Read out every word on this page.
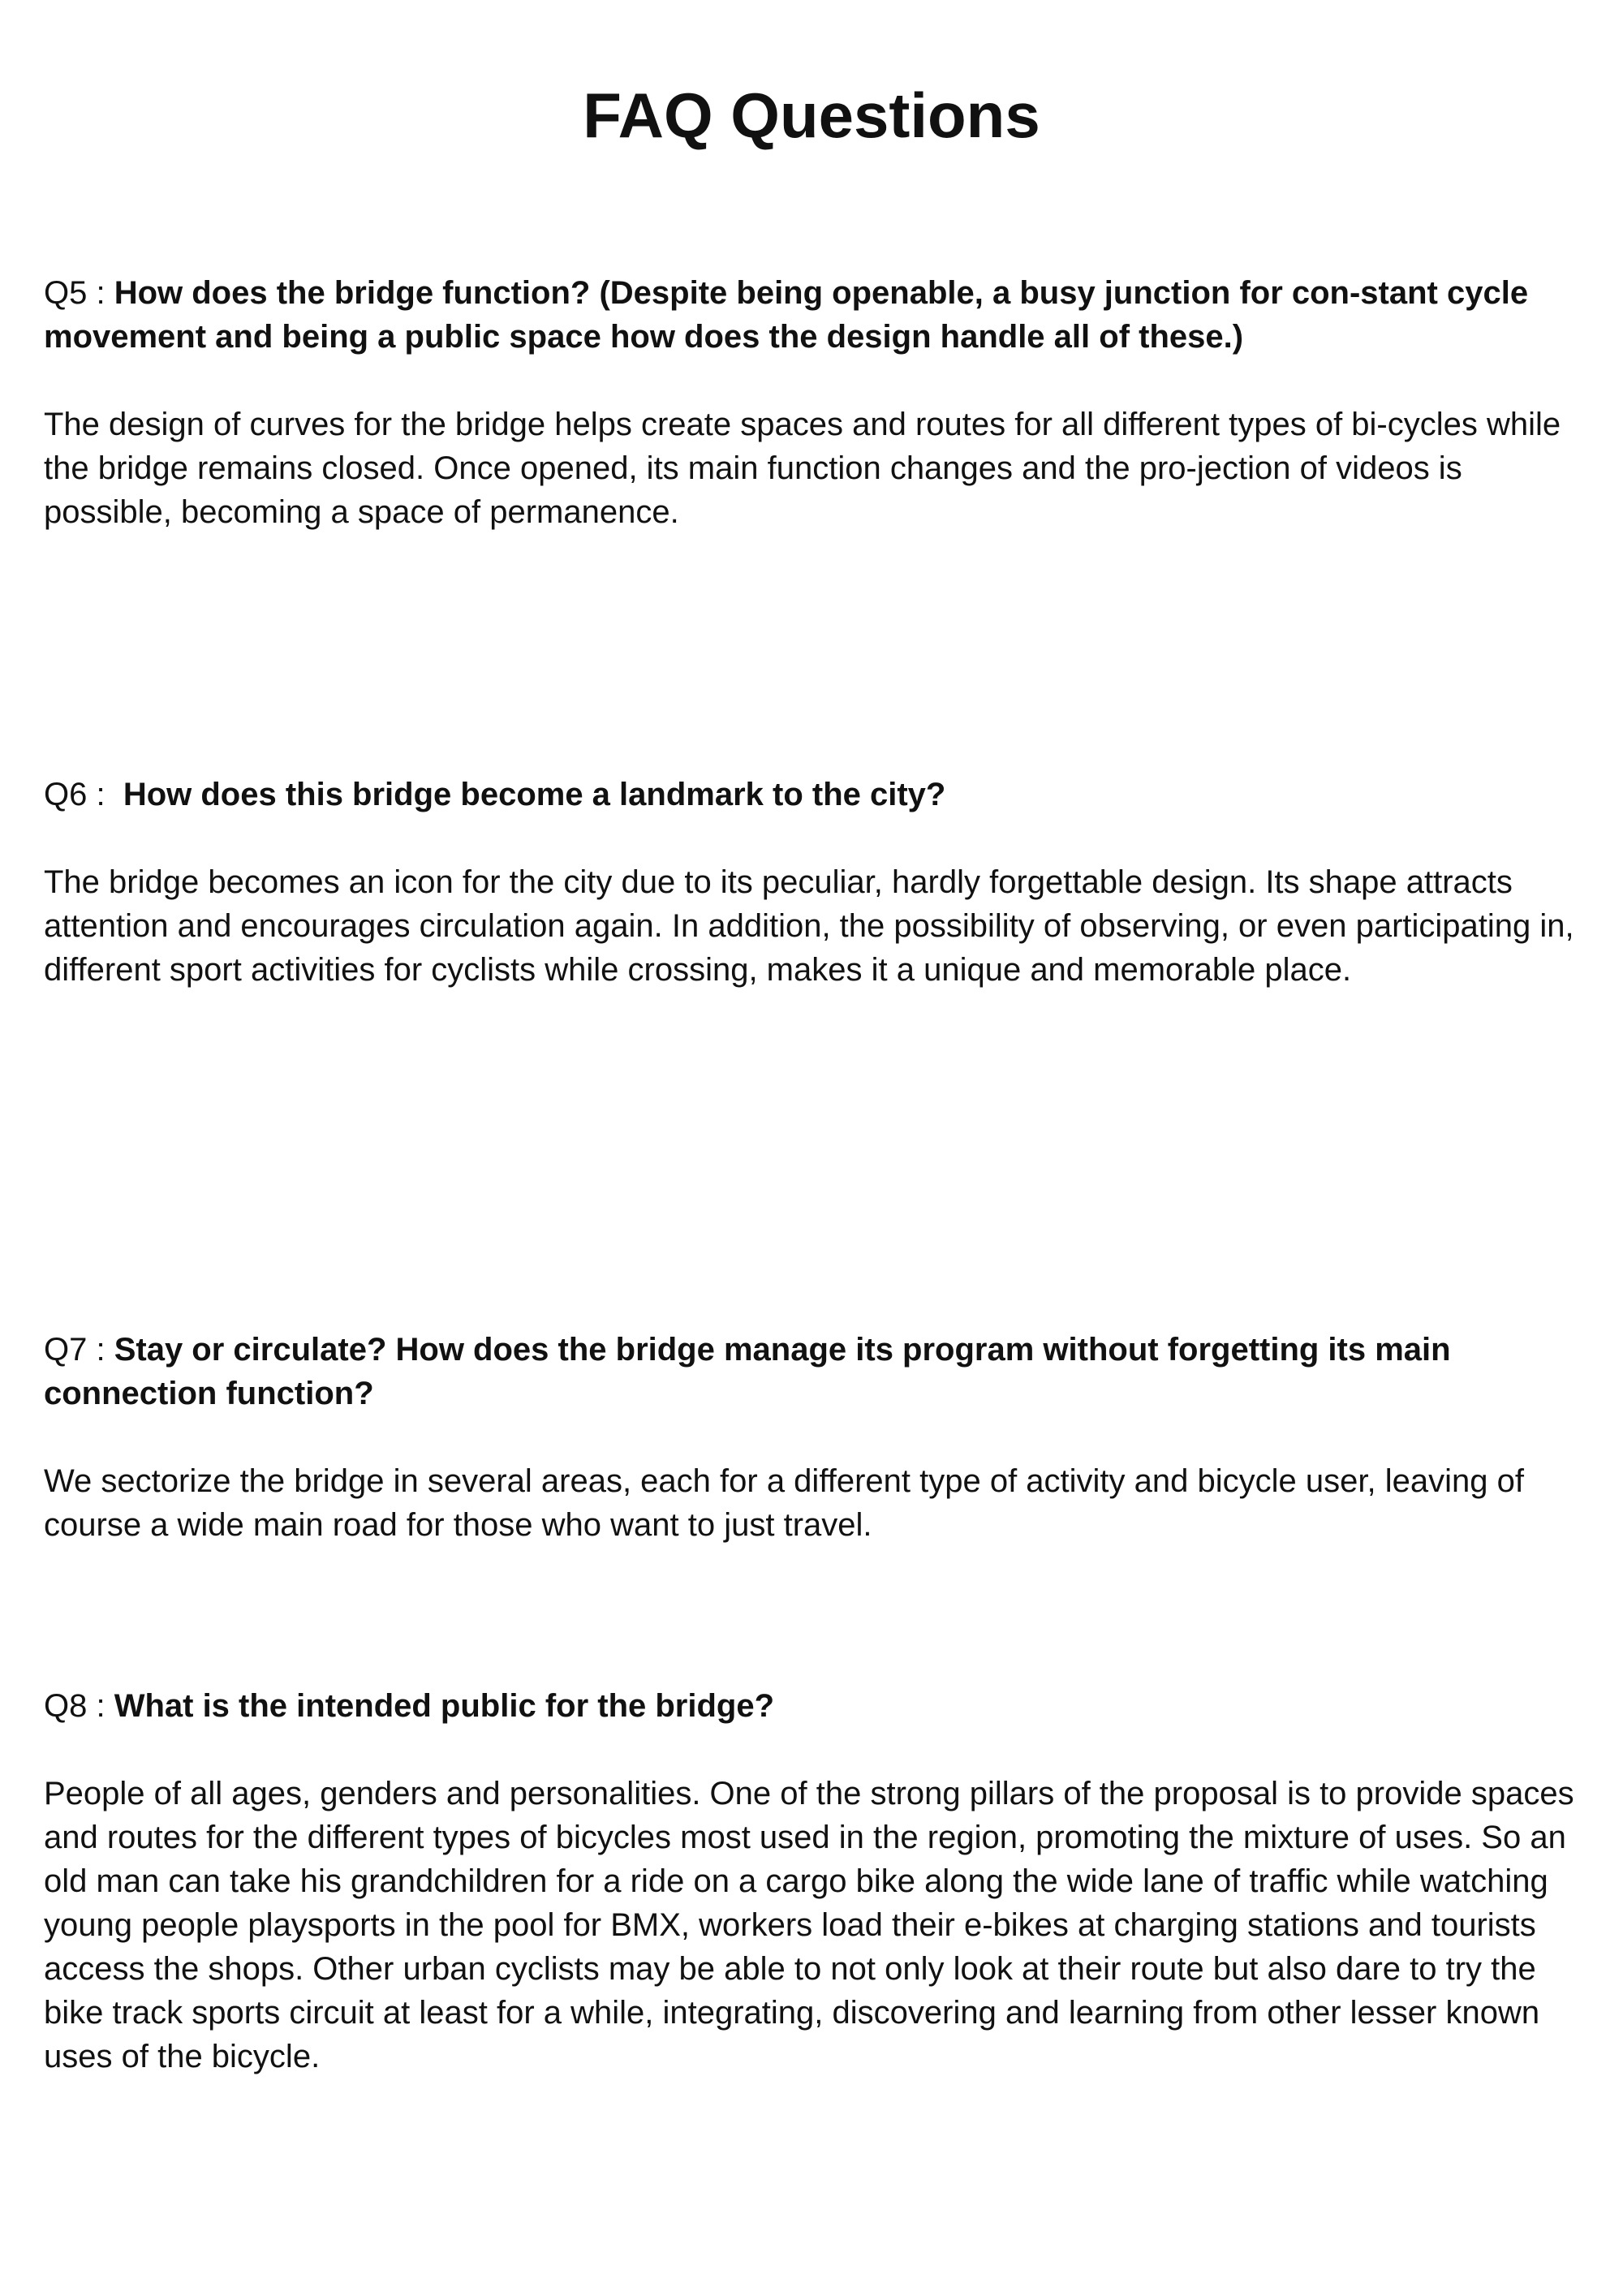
FAQ Questions

Q5 : How does the bridge function? (Despite being openable, a busy junction for con-stant cycle movement and being a public space how does the design handle all of these.)

The design of curves for the bridge helps create spaces and routes for all different types of bi-cycles while the bridge remains closed. Once opened, its main function changes and the pro-jection of videos is possible, becoming a space of permanence.

Q6 :  How does this bridge become a landmark to the city?

The bridge becomes an icon for the city due to its peculiar, hardly forgettable design. Its shape attracts attention and encourages circulation again. In addition, the possibility of observing, or even participating in, different sport activities for cyclists while crossing, makes it a unique and memorable place.

Q7 : Stay or circulate? How does the bridge manage its program without forgetting its main connection function?

We sectorize the bridge in several areas, each for a different type of activity and bicycle user, leaving of course a wide main road for those who want to just travel.

Q8 : What is the intended public for the bridge?

People of all ages, genders and personalities. One of the strong pillars of the proposal is to provide spaces and routes for the different types of bicycles most used in the region, promoting the mixture of uses. So an old man can take his grandchildren for a ride on a cargo bike along the wide lane of traffic while watching young people playsports in the pool for BMX, workers load their e-bikes at charging stations and tourists access the shops. Other urban cyclists may be able to not only look at their route but also dare to try the bike track sports circuit at least for a while, integrating, discovering and learning from other lesser known uses of the bicycle.
